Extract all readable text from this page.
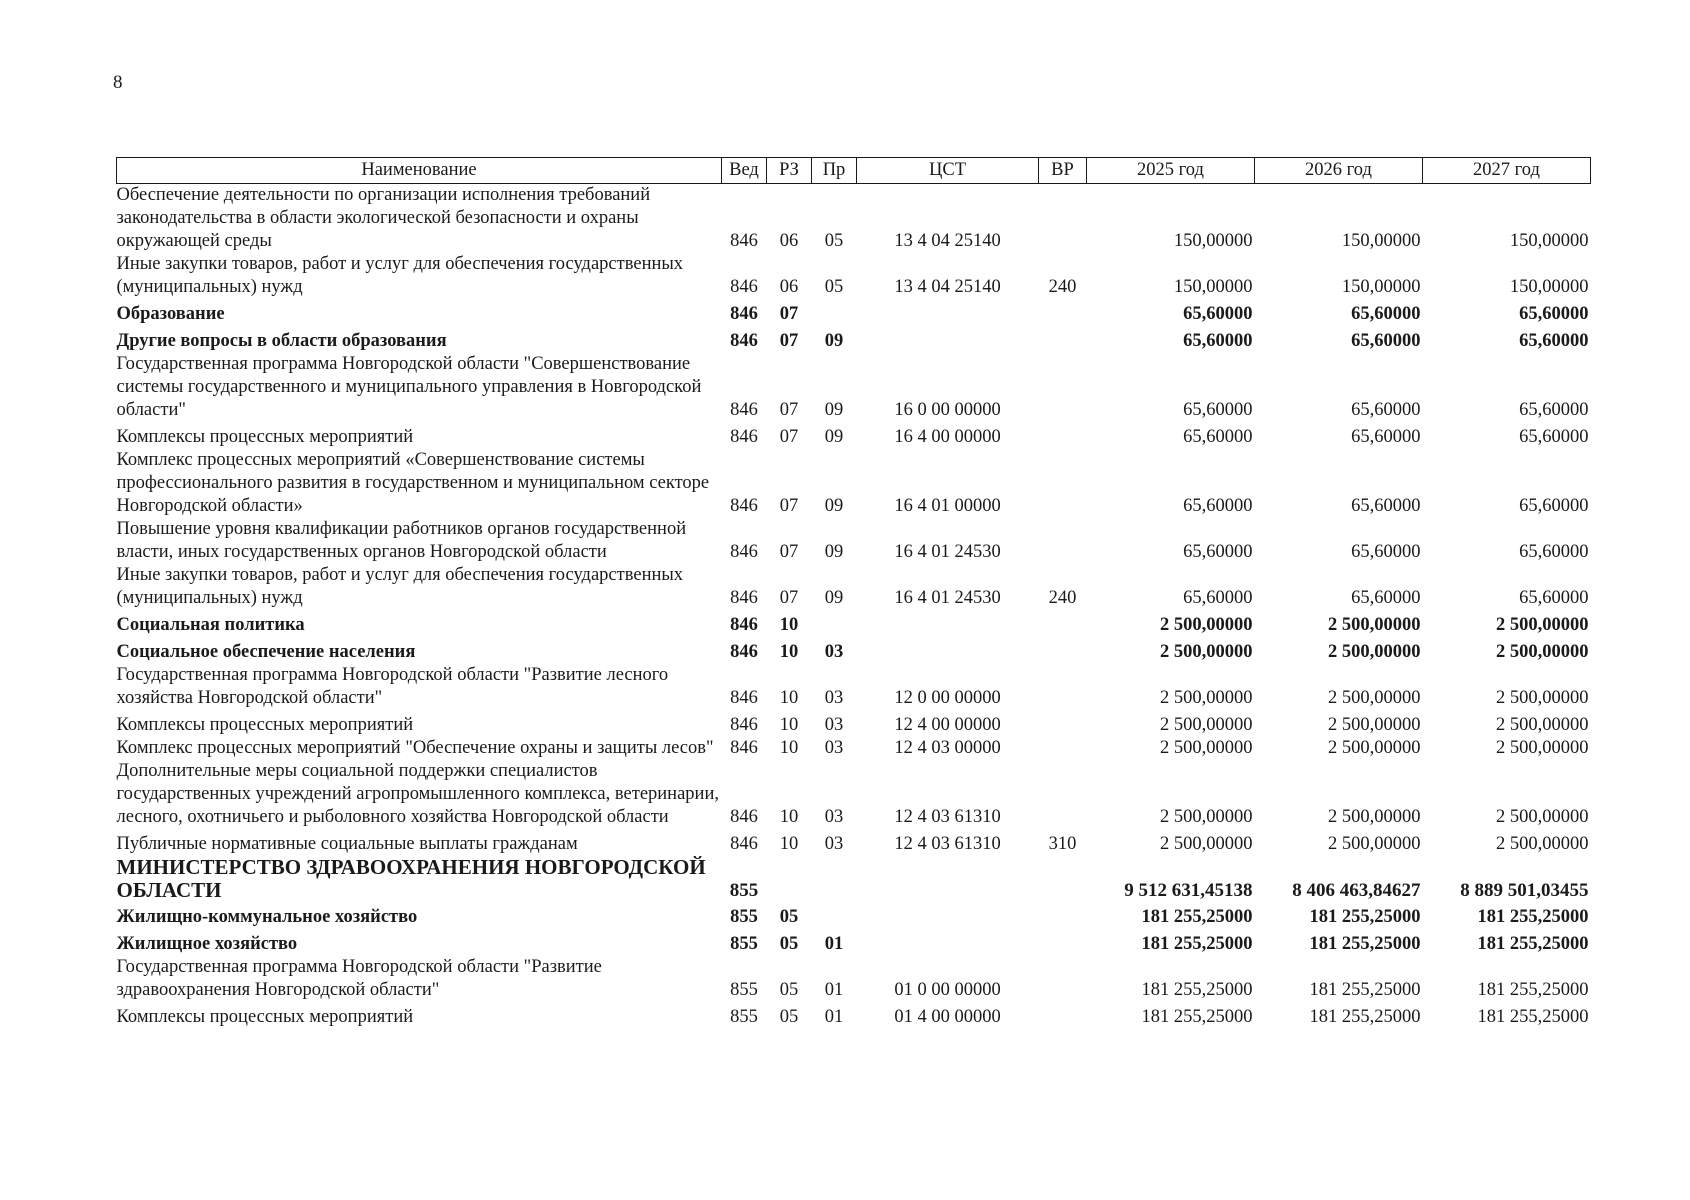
8
Наименование	Вед	РЗ	Пр	ЦСТ	ВР	2025 год	2026 год	2027 год
Обеспечение деятельности по организации исполнения требований законодательства в области экологической безопасности и охраны окружающей среды	846	06	05	13 4 04 25140		150,00000	150,00000	150,00000
Иные закупки товаров, работ и услуг для обеспечения государственных (муниципальных) нужд	846	06	05	13 4 04 25140	240	150,00000	150,00000	150,00000
Образование	846	07				65,60000	65,60000	65,60000
Другие вопросы в области образования	846	07	09			65,60000	65,60000	65,60000
Государственная программа Новгородской области "Совершенствование системы государственного и муниципального управления в Новгородской области"	846	07	09	16 0 00 00000		65,60000	65,60000	65,60000
Комплексы процессных мероприятий	846	07	09	16 4 00 00000		65,60000	65,60000	65,60000
Комплекс процессных мероприятий «Совершенствование системы профессионального развития в государственном и муниципальном секторе Новгородской области»	846	07	09	16 4 01 00000		65,60000	65,60000	65,60000
Повышение уровня квалификации работников органов государственной власти, иных государственных органов Новгородской области	846	07	09	16 4 01 24530		65,60000	65,60000	65,60000
Иные закупки товаров, работ и услуг для обеспечения государственных (муниципальных) нужд	846	07	09	16 4 01 24530	240	65,60000	65,60000	65,60000
Социальная политика	846	10				2 500,00000	2 500,00000	2 500,00000
Социальное обеспечение населения	846	10	03			2 500,00000	2 500,00000	2 500,00000
Государственная программа Новгородской области "Развитие лесного хозяйства Новгородской области"	846	10	03	12 0 00 00000		2 500,00000	2 500,00000	2 500,00000
Комплексы процессных мероприятий	846	10	03	12 4 00 00000		2 500,00000	2 500,00000	2 500,00000
Комплекс процессных мероприятий "Обеспечение охраны и защиты лесов"	846	10	03	12 4 03 00000		2 500,00000	2 500,00000	2 500,00000
Дополнительные меры социальной поддержки специалистов государственных учреждений агропромышленного комплекса, ветеринарии, лесного, охотничьего и рыболовного хозяйства Новгородской области	846	10	03	12 4 03 61310		2 500,00000	2 500,00000	2 500,00000
Публичные нормативные социальные выплаты гражданам	846	10	03	12 4 03 61310	310	2 500,00000	2 500,00000	2 500,00000
МИНИСТЕРСТВО ЗДРАВООХРАНЕНИЯ НОВГОРОДСКОЙ ОБЛАСТИ	855					9 512 631,45138	8 406 463,84627	8 889 501,03455
Жилищно-коммунальное хозяйство	855	05				181 255,25000	181 255,25000	181 255,25000
Жилищное хозяйство	855	05	01			181 255,25000	181 255,25000	181 255,25000
Государственная программа Новгородской области "Развитие здравоохранения Новгородской области"	855	05	01	01 0 00 00000		181 255,25000	181 255,25000	181 255,25000
Комплексы процессных мероприятий	855	05	01	01 4 00 00000		181 255,25000	181 255,25000	181 255,25000
